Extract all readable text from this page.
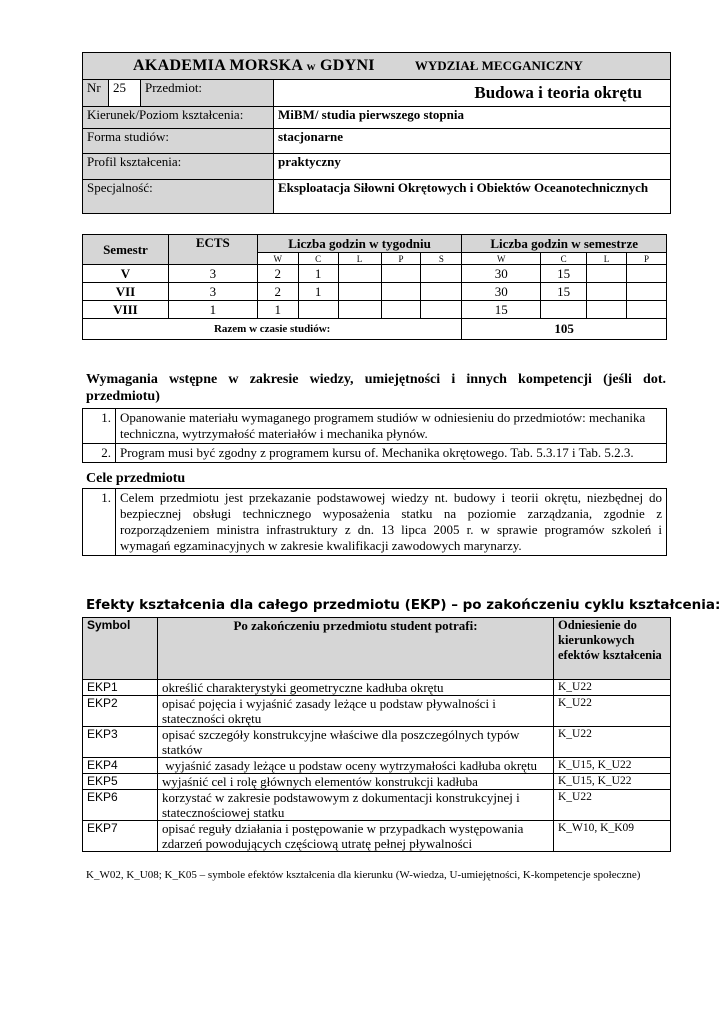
AKADEMIA MORSKA w GDYNI WYDZIAŁ MECGANICZNY			
Nr	25	Przedmiot:	Budowa i teoria okrętu
Kierunek/Poziom kształcenia:			MiBM/ studia pierwszego stopnia
Forma studiów:			stacjonarne
Profil kształcenia:			praktyczny
Specjalność:			Eksploatacja Siłowni Okrętowych i Obiektów Oceanotechnicznych
Semestr	ECTS	Liczba godzin w tygodniu					Liczba godzin w semestrze			
		W	C	L	P	S	W	C	L	P
V	3	2	1				30	15		
VII	3	2	1				30	15		
VIII	1	1					15			
Razem w czasie studiów:							105			
Wymagania wstępne w zakresie wiedzy, umiejętności i innych kompetencji (jeśli dot. przedmiotu)
1.	Opanowanie materiału wymaganego programem studiów w odniesieniu do przedmiotów: mechanika techniczna, wytrzymałość materiałów i mechanika płynów.
2.	Program musi być zgodny z programem kursu of. Mechanika okrętowego. Tab. 5.3.17 i Tab. 5.2.3.
Cele przedmiotu
1.	Celem przedmiotu jest przekazanie podstawowej wiedzy nt. budowy i teorii okrętu, niezbędnej do bezpiecznej obsługi technicznego wyposażenia statku na poziomie zarządzania, zgodnie z rozporządzeniem ministra infrastruktury z dn. 13 lipca 2005 r. w sprawie programów szkoleń i wymagań egzaminacyjnych w zakresie kwalifikacji zawodowych marynarzy.
Efekty kształcenia dla całego przedmiotu (EKP) – po zakończeniu cyklu kształcenia:
Symbol	Po zakończeniu przedmiotu student potrafi:	Odniesienie do kierunkowych efektów kształcenia
EKP1	określić charakterystyki geometryczne kadłuba okrętu	K_U22
EKP2	opisać pojęcia i wyjaśnić zasady leżące u podstaw pływalności i stateczności okrętu	K_U22
EKP3	opisać szczegóły konstrukcyjne właściwe dla poszczególnych typów statków	K_U22
EKP4	wyjaśnić zasady leżące u podstaw oceny wytrzymałości kadłuba okrętu	K_U15, K_U22
EKP5	wyjaśnić cel i rolę głównych elementów konstrukcji kadłuba	K_U15, K_U22
EKP6	korzystać w zakresie podstawowym z dokumentacji konstrukcyjnej i statecznościowej statku	K_U22
EKP7	opisać reguły działania i postępowanie w przypadkach występowania zdarzeń powodujących częściową utratę pełnej pływalności	K_W10, K_K09
K_W02, K_U08; K_K05 – symbole efektów kształcenia dla kierunku (W-wiedza, U-umiejętności, K-kompetencje społeczne)
